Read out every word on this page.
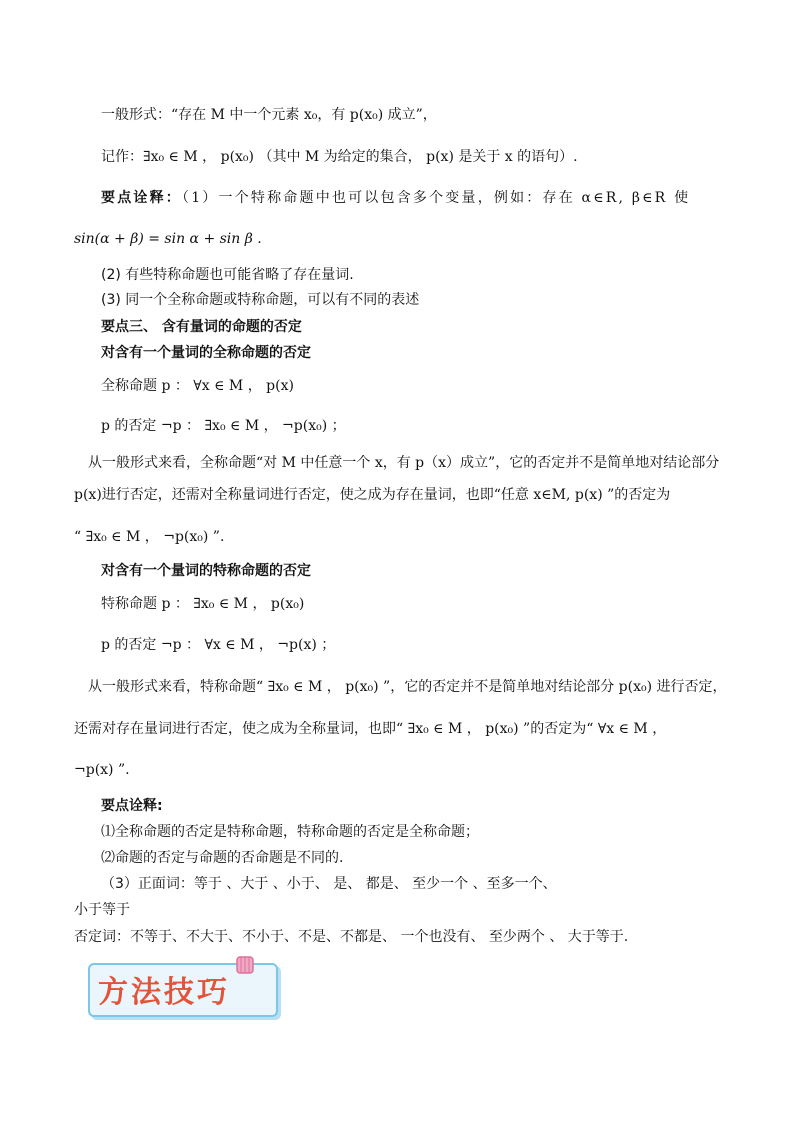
一般形式：“存在 M 中一个元素 x₀，有 p(x₀) 成立”，
记作：∃x₀ ∈ M ， p(x₀) （其中 M 为给定的集合， p(x) 是关于 x 的语句）.
要点诠释：（1）一个特称命题中也可以包含多个变量，例如：存在 α∈R, β∈R 使
sin(α + β) = sin α + sin β .
(2) 有些特称命题也可能省略了存在量词.
(3) 同一个全称命题或特称命题，可以有不同的表述
要点三、 含有量词的命题的否定
对含有一个量词的全称命题的否定
全称命题 p ： ∀x ∈ M ， p(x)
p 的否定 ¬p ： ∃x₀ ∈ M ， ¬p(x₀) ；
从一般形式来看，全称命题“对 M 中任意一个 x，有 p（x）成立”，它的否定并不是简单地对结论部分
p(x)进行否定，还需对全称量词进行否定，使之成为存在量词，也即“任意 x∈M, p(x) ”的否定为
“ ∃x₀ ∈ M ， ¬p(x₀) ”.
对含有一个量词的特称命题的否定
特称命题 p ： ∃x₀ ∈ M ， p(x₀)
p 的否定 ¬p ： ∀x ∈ M ， ¬p(x) ；
从一般形式来看，特称命题“ ∃x₀ ∈ M ， p(x₀) ”，它的否定并不是简单地对结论部分 p(x₀) 进行否定，
还需对存在量词进行否定，使之成为全称量词，也即“ ∃x₀ ∈ M ， p(x₀) ”的否定为“ ∀x ∈ M ，
¬p(x) ”.
要点诠释:
⑴全称命题的否定是特称命题，特称命题的否定是全称命题；
⑵命题的否定与命题的否命题是不同的.
（3）正面词：等于 、大于 、小于、 是、 都是、 至少一个 、至多一个、
小于等于
否定词：不等于、不大于、不小于、不是、不都是、 一个也没有、 至少两个 、 大于等于.
方法技巧
